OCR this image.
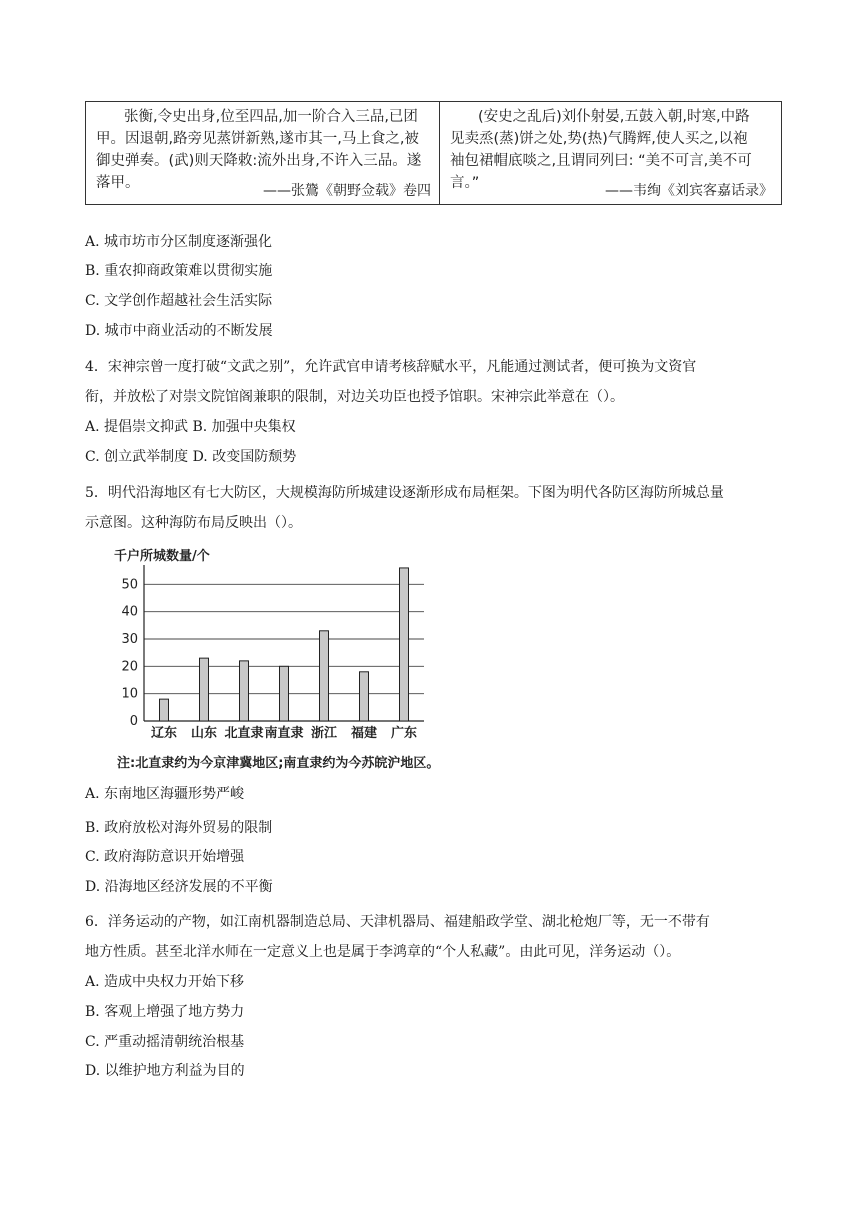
张衡,令史出身,位至四品,加一阶合入三品,已团
甲。因退朝,路旁见蒸饼新熟,遂市其一,马上食之,被
御史弹奏。(武)则天降敕:流外出身,不许入三品。遂
落甲。	——张鷟《朝野佥载》卷四
(安史之乱后)刘仆射晏,五鼓入朝,时寒,中路
见卖烝(蒸)饼之处,势(热)气腾辉,使人买之,以袍
袖包裙帽底啖之,且谓同列曰: “美不可言,美不可
言。”	——韦绚《刘宾客嘉话录》
A. 城市坊市分区制度逐渐强化
B. 重农抑商政策难以贯彻实施
C. 文学创作超越社会生活实际
D. 城市中商业活动的不断发展
4．宋神宗曾一度打破“文武之别”，允许武官申请考核辞赋水平，凡能通过测试者，便可换为文资官
衔，并放松了对崇文院馆阁兼职的限制，对边关功臣也授予馆职。宋神宗此举意在（）。
A. 提倡崇文抑武 B. 加强中央集权
C. 创立武举制度 D. 改变国防颓势
5．明代沿海地区有七大防区，大规模海防所城建设逐渐形成布局框架。下图为明代各防区海防所城总量
示意图。这种海防布局反映出（）。
千户所城数量/个
0
10
20
30
40
50
辽东 山东 北直隶 南直隶 浙江 福建 广东
注:北直隶约为今京津冀地区;南直隶约为今苏皖沪地区。
A. 东南地区海疆形势严峻
B. 政府放松对海外贸易的限制
C. 政府海防意识开始增强
D. 沿海地区经济发展的不平衡
6．洋务运动的产物，如江南机器制造总局、天津机器局、福建船政学堂、湖北枪炮厂等，无一不带有
地方性质。甚至北洋水师在一定意义上也是属于李鸿章的“个人私藏”。由此可见，洋务运动（）。
A. 造成中央权力开始下移
B. 客观上增强了地方势力
C. 严重动摇清朝统治根基
D. 以维护地方利益为目的
